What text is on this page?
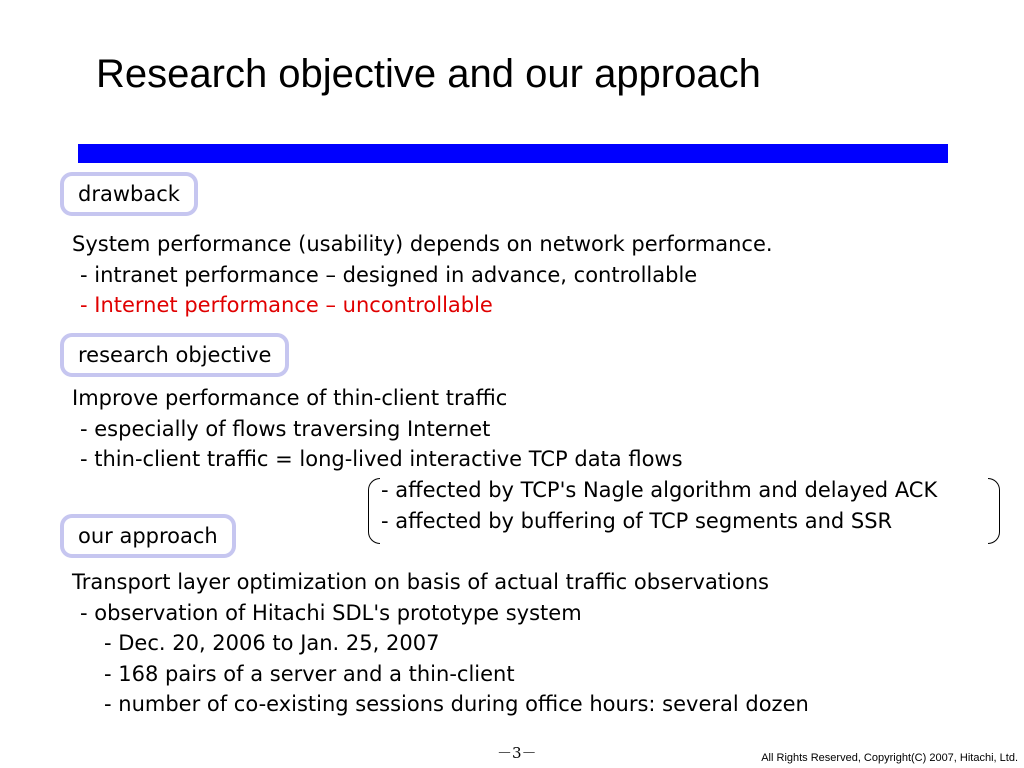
Research objective and our approach
drawback
System performance (usability) depends on network performance.
- intranet performance – designed in advance, controllable
- Internet performance – uncontrollable
research objective
Improve performance of thin-client traffic
- especially of flows traversing Internet
- thin-client traffic = long-lived interactive TCP data flows
- affected by TCP's Nagle algorithm and delayed ACK
- affected by buffering of TCP segments and SSR
our approach
Transport layer optimization on basis of actual traffic observations
- observation of Hitachi SDL's prototype system
- Dec. 20, 2006 to Jan. 25, 2007
- 168 pairs of a server and a thin-client
- number of co-existing sessions during office hours: several dozen
－3－	All Rights Reserved, Copyright(C) 2007, Hitachi, Ltd.
